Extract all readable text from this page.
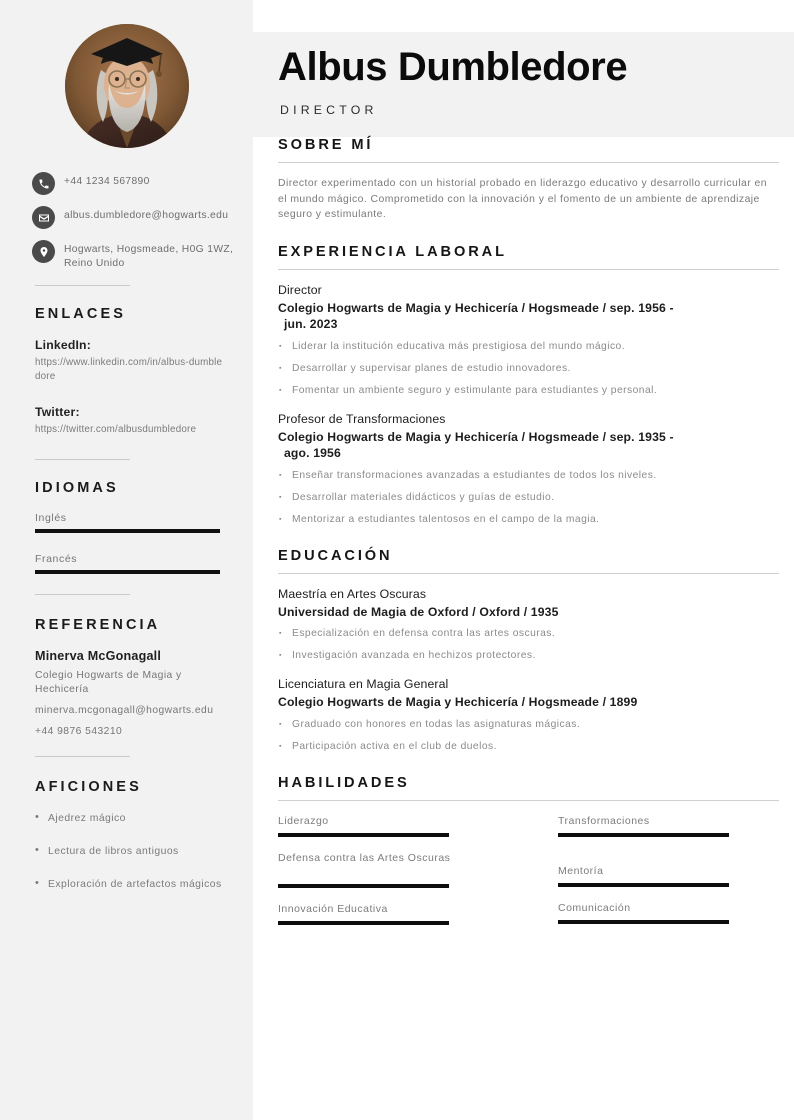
+44 1234 567890
albus.dumbledore@hogwarts.edu
Hogwarts, Hogsmeade, H0G 1WZ, Reino Unido
ENLACES
LinkedIn:
https://www.linkedin.com/in/albus-dumbledore
Twitter:
https://twitter.com/albusdumbledore
IDIOMAS
Inglés
Francés
REFERENCIA
Minerva McGonagall
Colegio Hogwarts de Magia y Hechicería
minerva.mcgonagall@hogwarts.edu
+44 9876 543210
AFICIONES
• Ajedrez mágico
• Lectura de libros antiguos
• Exploración de artefactos mágicos
Albus Dumbledore
DIRECTOR
SOBRE MÍ
Director experimentado con un historial probado en liderazgo educativo y desarrollo curricular en el mundo mágico. Comprometido con la innovación y el fomento de un ambiente de aprendizaje seguro y estimulante.
EXPERIENCIA LABORAL
Director
Colegio Hogwarts de Magia y Hechicería / Hogsmeade / sep. 1956 -
jun. 2023
▪ Liderar la institución educativa más prestigiosa del mundo mágico.
▪ Desarrollar y supervisar planes de estudio innovadores.
▪ Fomentar un ambiente seguro y estimulante para estudiantes y personal.
Profesor de Transformaciones
Colegio Hogwarts de Magia y Hechicería / Hogsmeade / sep. 1935 -
ago. 1956
▪ Enseñar transformaciones avanzadas a estudiantes de todos los niveles.
▪ Desarrollar materiales didácticos y guías de estudio.
▪ Mentorizar a estudiantes talentosos en el campo de la magia.
EDUCACIÓN
Maestría en Artes Oscuras
Universidad de Magia de Oxford / Oxford / 1935
▪ Especialización en defensa contra las artes oscuras.
▪ Investigación avanzada en hechizos protectores.
Licenciatura en Magia General
Colegio Hogwarts de Magia y Hechicería / Hogsmeade / 1899
▪ Graduado con honores en todas las asignaturas mágicas.
▪ Participación activa en el club de duelos.
HABILIDADES
Liderazgo
Defensa contra las Artes Oscuras
Innovación Educativa
Transformaciones
Mentoría
Comunicación
